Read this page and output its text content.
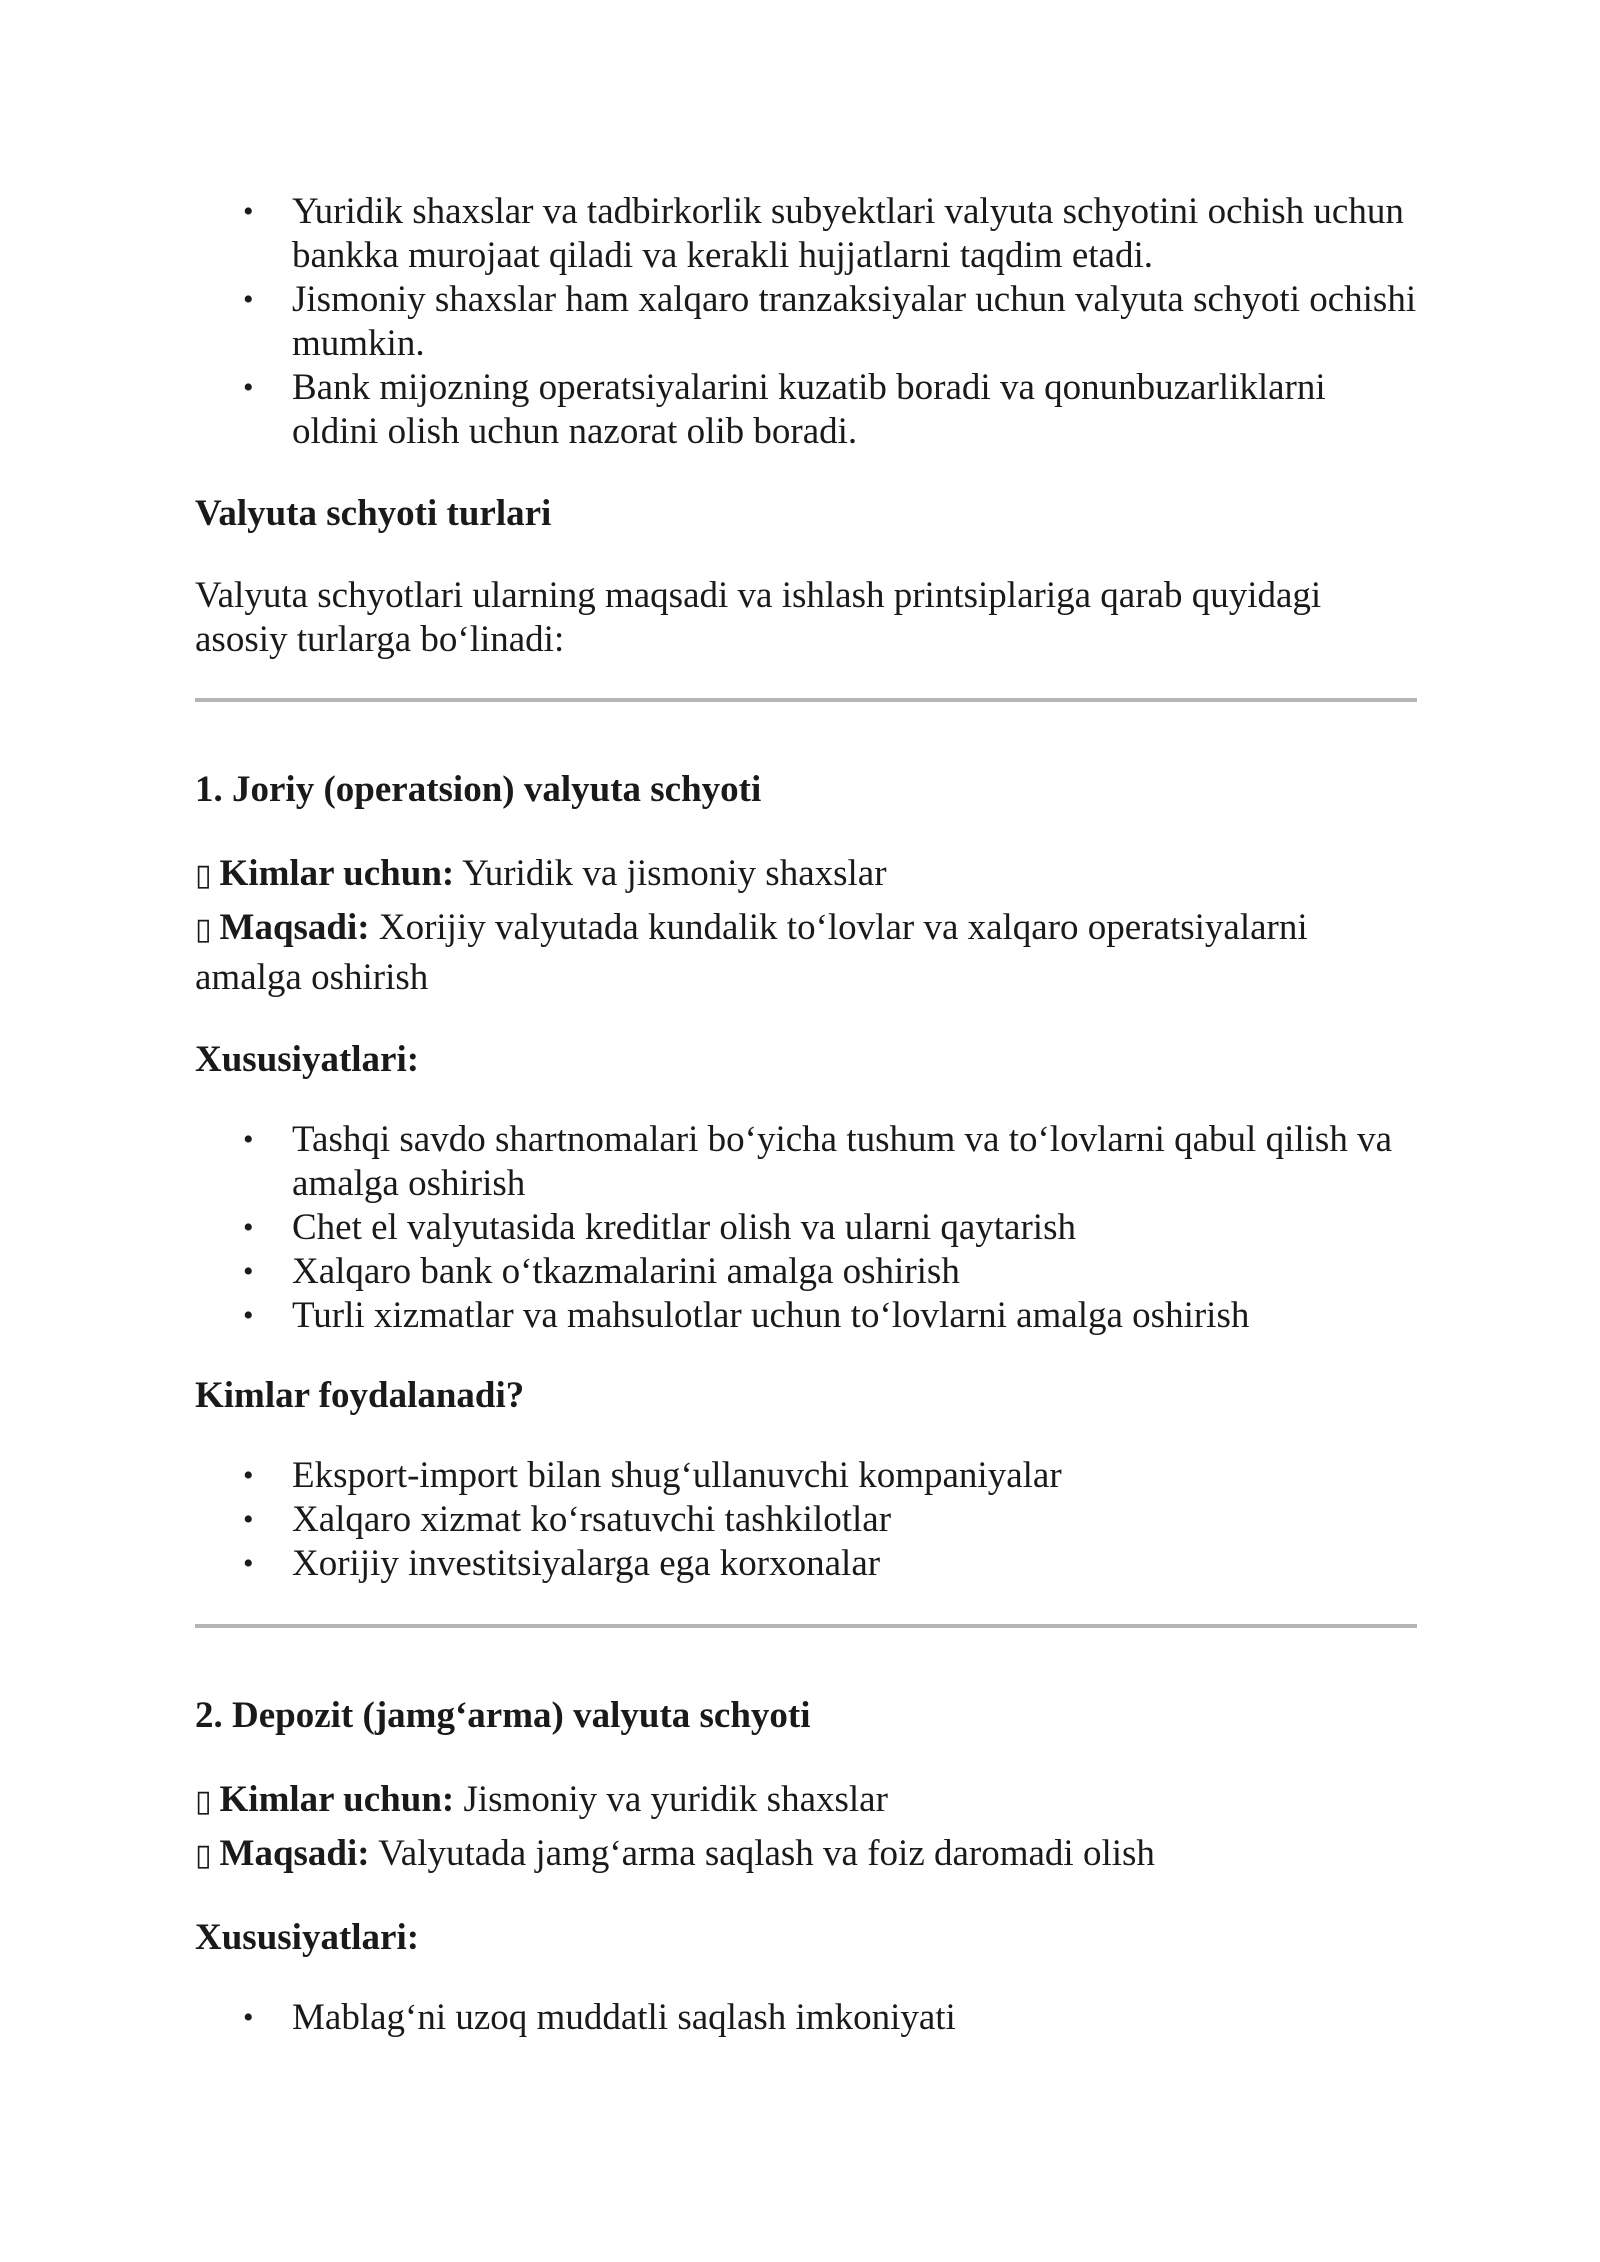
• Yuridik shaxslar va tadbirkorlik subyektlari valyuta schyotini ochish uchun bankka murojaat qiladi va kerakli hujjatlarni taqdim etadi.
• Jismoniy shaxslar ham xalqaro tranzaksiyalar uchun valyuta schyoti ochishi mumkin.
• Bank mijozning operatsiyalarini kuzatib boradi va qonunbuzarliklarni oldini olish uchun nazorat olib boradi.

Valyuta schyoti turlari

Valyuta schyotlari ularning maqsadi va ishlash printsiplariga qarab quyidagi asosiy turlarga bo‘linadi:

1. Joriy (operatsion) valyuta schyoti

▯ Kimlar uchun: Yuridik va jismoniy shaxslar

▯ Maqsadi: Xorijiy valyutada kundalik to‘lovlar va xalqaro operatsiyalarni amalga oshirish

Xususiyatlari:

• Tashqi savdo shartnomalari bo‘yicha tushum va to‘lovlarni qabul qilish va amalga oshirish
• Chet el valyutasida kreditlar olish va ularni qaytarish
• Xalqaro bank o‘tkazmalarini amalga oshirish
• Turli xizmatlar va mahsulotlar uchun to‘lovlarni amalga oshirish

Kimlar foydalanadi?

• Eksport-import bilan shug‘ullanuvchi kompaniyalar
• Xalqaro xizmat ko‘rsatuvchi tashkilotlar
• Xorijiy investitsiyalarga ega korxonalar

2. Depozit (jamg‘arma) valyuta schyoti

▯ Kimlar uchun: Jismoniy va yuridik shaxslar

▯ Maqsadi: Valyutada jamg‘arma saqlash va foiz daromadi olish

Xususiyatlari:

• Mablag‘ni uzoq muddatli saqlash imkoniyati
